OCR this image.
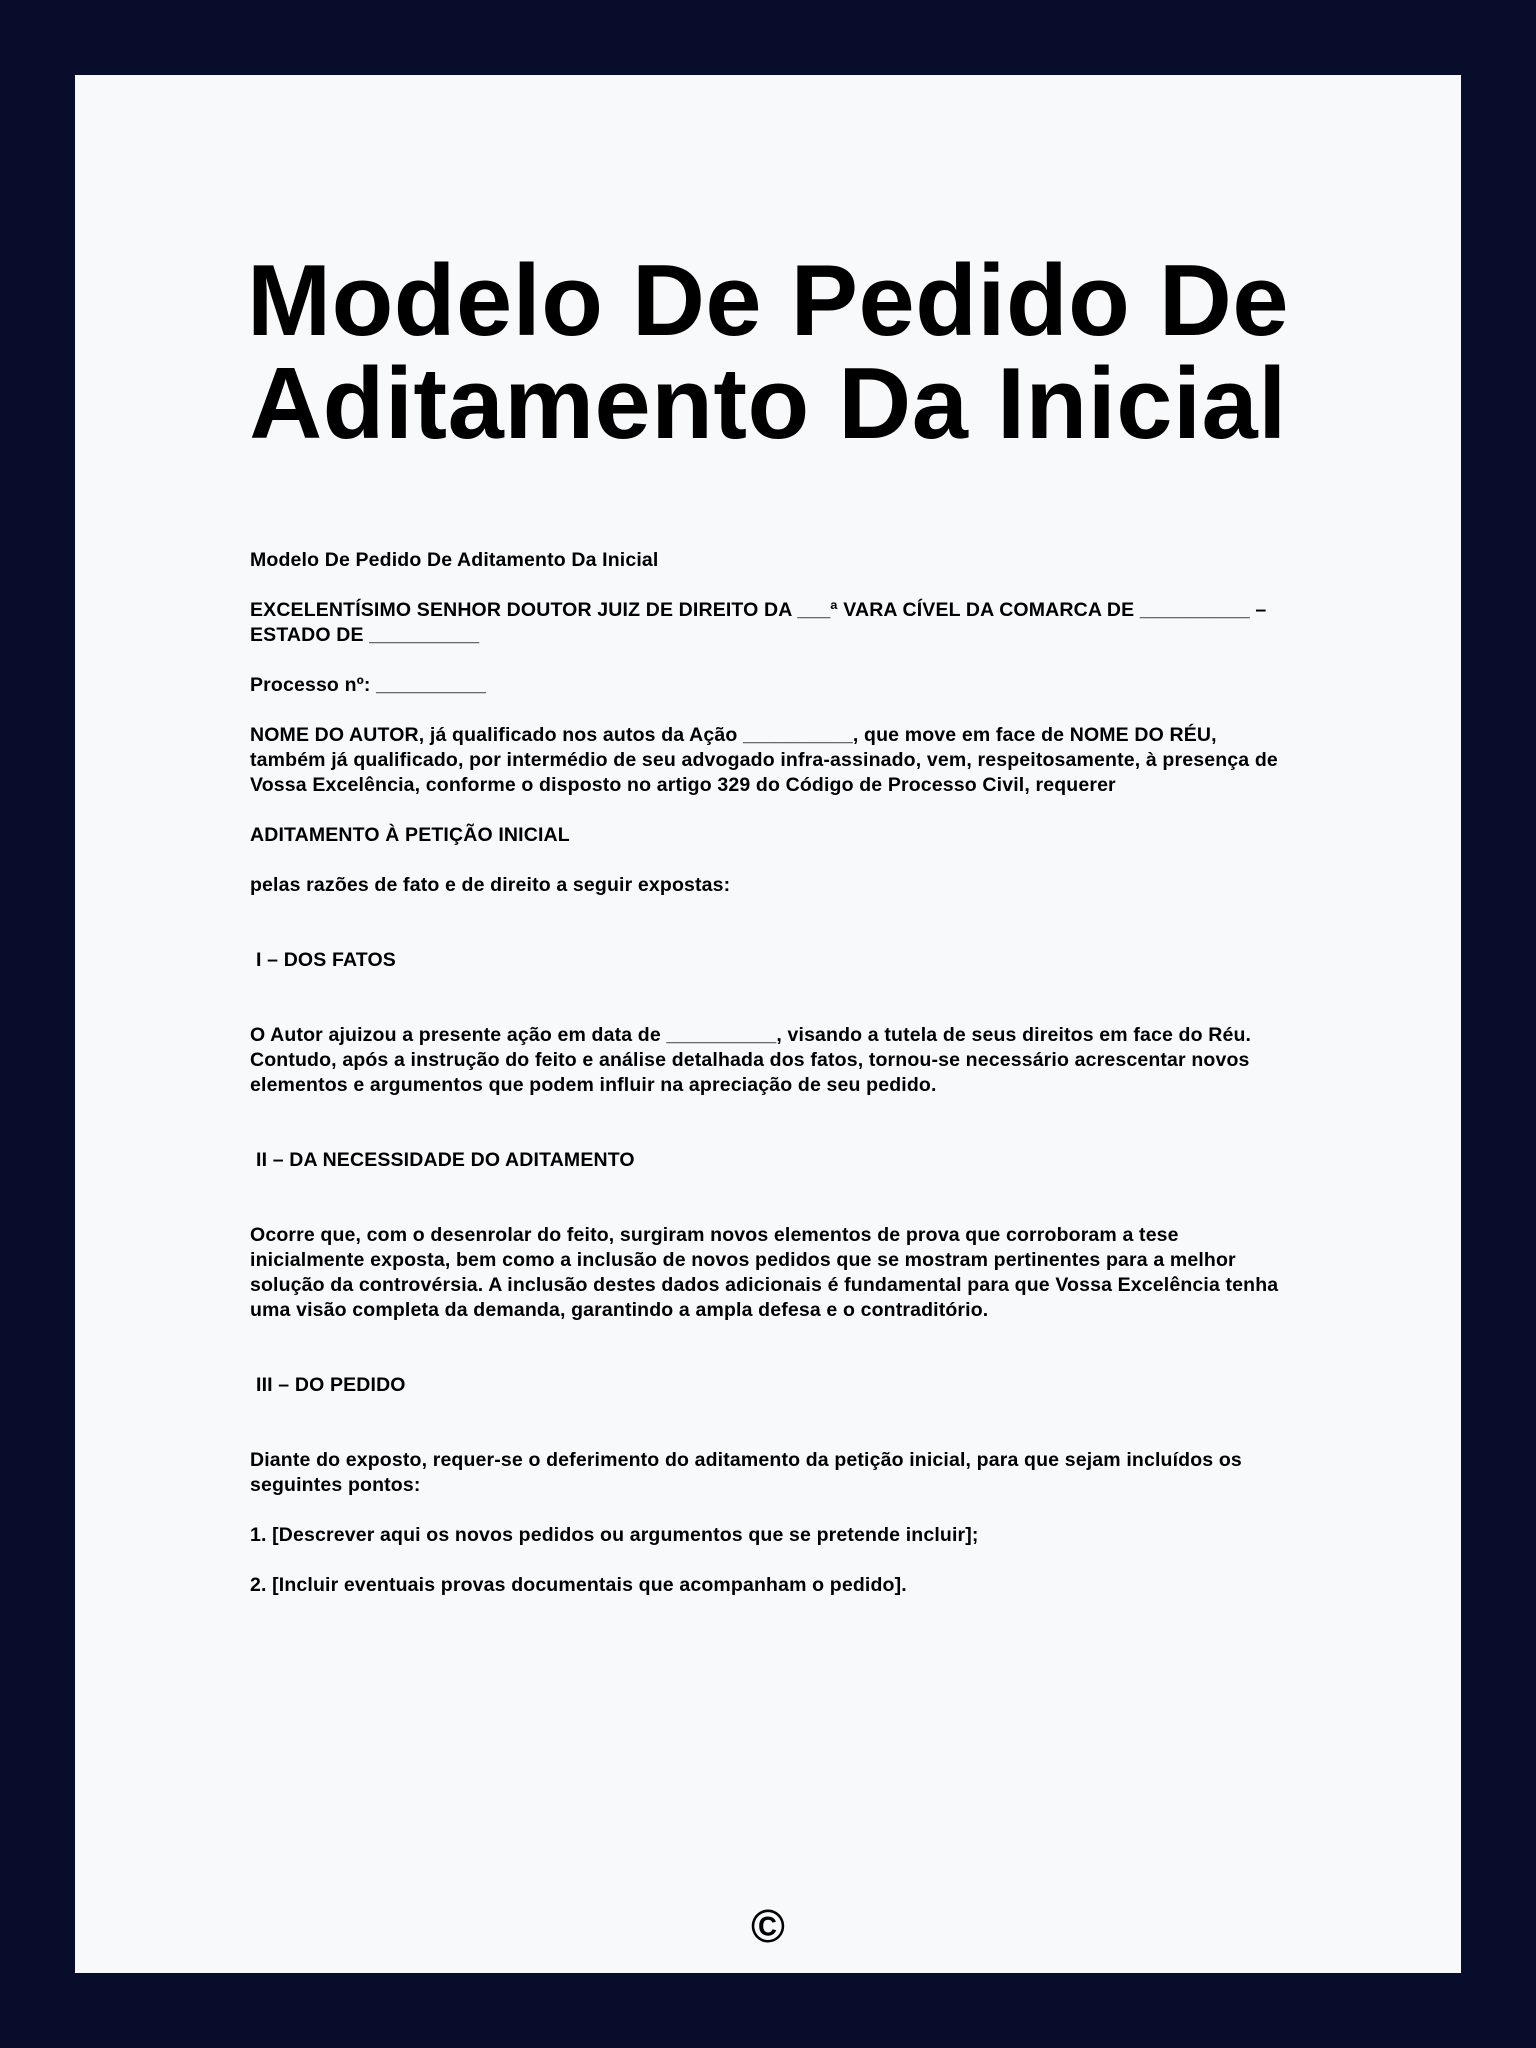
Modelo De Pedido De
Aditamento Da Inicial

Modelo De Pedido De Aditamento Da Inicial

EXCELENTÍSIMO SENHOR DOUTOR JUIZ DE DIREITO DA ___ª VARA CÍVEL DA COMARCA DE __________ – ESTADO DE __________

Processo nº: __________

NOME DO AUTOR, já qualificado nos autos da Ação __________, que move em face de NOME DO RÉU, também já qualificado, por intermédio de seu advogado infra-assinado, vem, respeitosamente, à presença de Vossa Excelência, conforme o disposto no artigo 329 do Código de Processo Civil, requerer

ADITAMENTO À PETIÇÃO INICIAL

pelas razões de fato e de direito a seguir expostas:

I – DOS FATOS

O Autor ajuizou a presente ação em data de __________, visando a tutela de seus direitos em face do Réu. Contudo, após a instrução do feito e análise detalhada dos fatos, tornou-se necessário acrescentar novos elementos e argumentos que podem influir na apreciação de seu pedido.

II – DA NECESSIDADE DO ADITAMENTO

Ocorre que, com o desenrolar do feito, surgiram novos elementos de prova que corroboram a tese inicialmente exposta, bem como a inclusão de novos pedidos que se mostram pertinentes para a melhor solução da controvérsia. A inclusão destes dados adicionais é fundamental para que Vossa Excelência tenha uma visão completa da demanda, garantindo a ampla defesa e o contraditório.

III – DO PEDIDO

Diante do exposto, requer-se o deferimento do aditamento da petição inicial, para que sejam incluídos os seguintes pontos:

1. [Descrever aqui os novos pedidos ou argumentos que se pretende incluir];

2. [Incluir eventuais provas documentais que acompanham o pedido].

©
